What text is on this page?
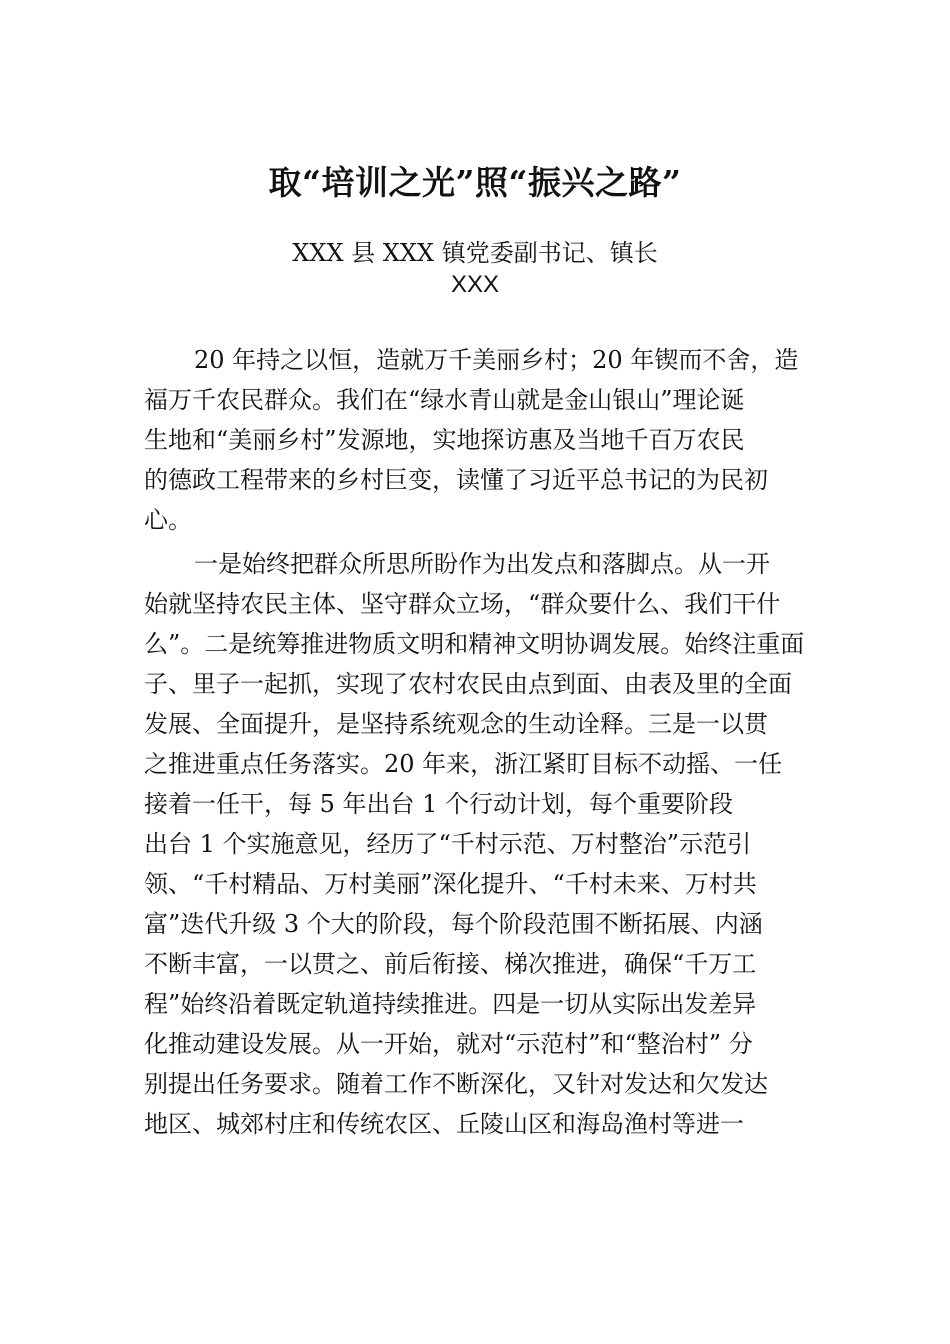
取“培训之光”照“振兴之路”

XXX 县 XXX 镇党委副书记、镇长

XXX

20 年持之以恒，造就万千美丽乡村；20 年锲而不舍，造
福万千农民群众。我们在“绿水青山就是金山银山”理论诞
生地和“美丽乡村”发源地，实地探访惠及当地千百万农民
的德政工程带来的乡村巨变，读懂了习近平总书记的为民初
心。
一是始终把群众所思所盼作为出发点和落脚点。从一开
始就坚持农民主体、坚守群众立场，“群众要什么、我们干什
么”。二是统筹推进物质文明和精神文明协调发展。始终注重面
子、里子一起抓，实现了农村农民由点到面、由表及里的全面
发展、全面提升，是坚持系统观念的生动诠释。三是一以贯
之推进重点任务落实。20 年来，浙江紧盯目标不动摇、一任
接着一任干，每 5 年出台 1 个行动计划，每个重要阶段
出台 1 个实施意见，经历了“千村示范、万村整治”示范引
领、“千村精品、万村美丽”深化提升、“千村未来、万村共
富”迭代升级 3 个大的阶段，每个阶段范围不断拓展、内涵
不断丰富，一以贯之、前后衔接、梯次推进，确保“千万工
程”始终沿着既定轨道持续推进。四是一切从实际出发差异
化推动建设发展。从一开始，就对“示范村”和“整治村” 分
别提出任务要求。随着工作不断深化，又针对发达和欠发达
地区、城郊村庄和传统农区、丘陵山区和海岛渔村等进一
